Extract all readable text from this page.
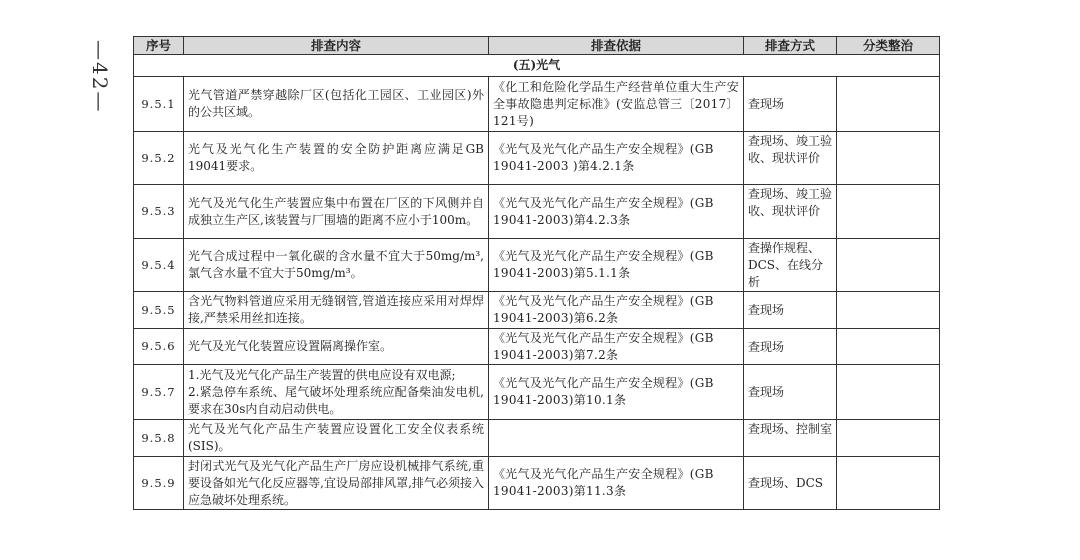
—42—	序号	排查内容	排查依据	排查方式	分类整治
(五)光气				
9.5.1	光气管道严禁穿越除厂区(包括化工园区、工业园区)外的公共区域。	《化工和危险化学品生产经营单位重大生产安全事故隐患判定标准》(安监总管三〔2017〕121号)	查现场	
9.5.2	光气及光气化生产装置的安全防护距离应满足GB 19041要求。	《光气及光气化产品生产安全规程》(GB 19041-2003 )第4.2.1条	查现场、竣工验收、现状评价	
9.5.3	光气及光气化生产装置应集中布置在厂区的下风侧并自成独立生产区,该装置与厂围墙的距离不应小于100m。	《光气及光气化产品生产安全规程》(GB 19041-2003)第4.2.3条	查现场、竣工验收、现状评价	
9.5.4	光气合成过程中一氧化碳的含水量不宜大于50mg/m³,氯气含水量不宜大于50mg/m³。	《光气及光气化产品生产安全规程》(GB 19041-2003)第5.1.1条	查操作规程、DCS、在线分析	
9.5.5	含光气物料管道应采用无缝钢管,管道连接应采用对焊焊接,严禁采用丝扣连接。	《光气及光气化产品生产安全规程》(GB 19041-2003)第6.2条	查现场	
9.5.6	光气及光气化装置应设置隔离操作室。	《光气及光气化产品生产安全规程》(GB 19041-2003)第7.2条	查现场	
9.5.7	1.光气及光气化产品生产装置的供电应设有双电源;
2.紧急停车系统、尾气破坏处理系统应配备柴油发电机,要求在30s内自动启动供电。	《光气及光气化产品生产安全规程》(GB 19041-2003)第10.1条	查现场	
9.5.8	光气及光气化产品生产装置应设置化工安全仪表系统(SIS)。		查现场、控制室	
9.5.9	封闭式光气及光气化产品生产厂房应设机械排气系统,重要设备如光气化反应器等,宜设局部排风罩,排气必须接入应急破坏处理系统。	《光气及光气化产品生产安全规程》(GB 19041-2003)第11.3条	查现场、DCS	
